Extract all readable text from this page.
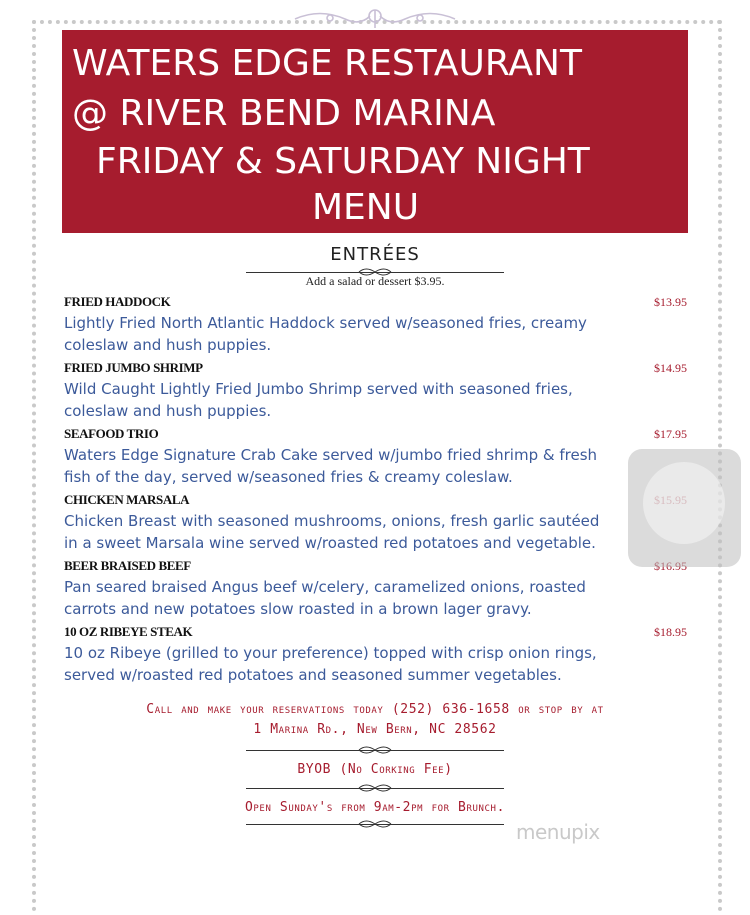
WATERS EDGE RESTAURANT
@ RIVER BEND MARINA
FRIDAY & SATURDAY NIGHT
MENU
ENTRÉES
Add a salad or dessert $3.95.
FRIED HADDOCK	$13.95
Lightly Fried North Atlantic Haddock served w/seasoned fries, creamy
coleslaw and hush puppies.
FRIED JUMBO SHRIMP	$14.95
Wild Caught Lightly Fried Jumbo Shrimp served with seasoned fries,
coleslaw and hush puppies.
SEAFOOD TRIO	$17.95
Waters Edge Signature Crab Cake served w/jumbo fried shrimp & fresh
fish of the day, served w/seasoned fries & creamy coleslaw.
CHICKEN MARSALA
Chicken Breast with seasoned mushrooms, onions, fresh garlic sautéed
in a sweet Marsala wine served w/roasted red potatoes and vegetable.
BEER BRAISED BEEF
Pan seared braised Angus beef w/celery, caramelized onions, roasted
carrots and new potatoes slow roasted in a brown lager gravy.
10 OZ RIBEYE STEAK	$18.95
10 oz Ribeye (grilled to your preference) topped with crisp onion rings,
served w/roasted red potatoes and seasoned summer vegetables.
Call and make your reservations today (252) 636-1658 or stop by at
1 Marina Rd., New Bern, NC 28562
BYOB (No Corking Fee)
Open Sunday's from 9am-2pm for Brunch.
menupix
